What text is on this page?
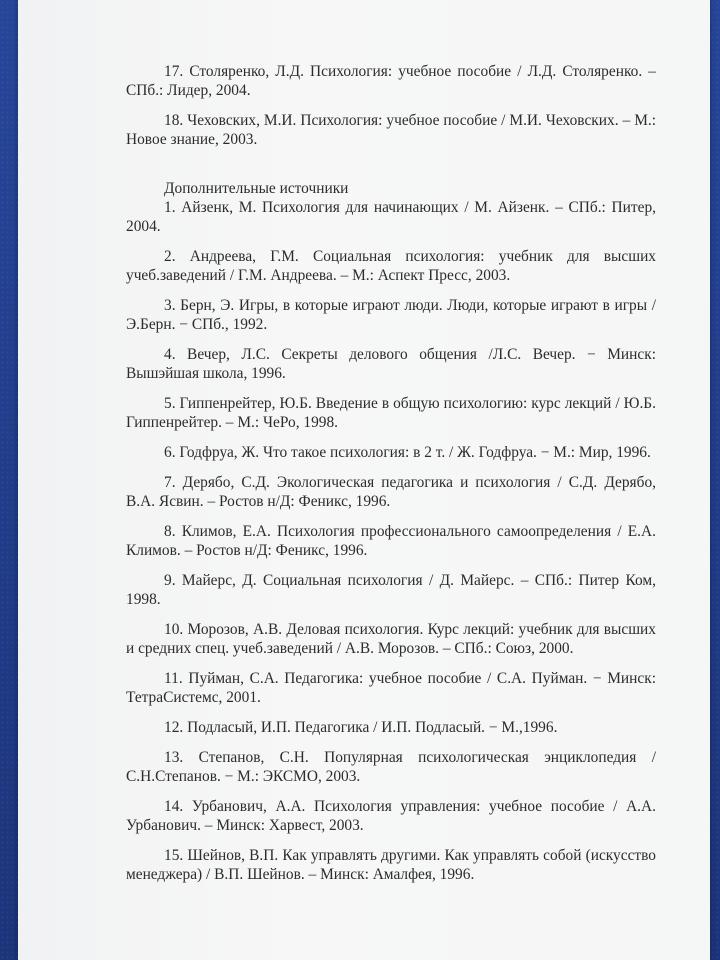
17. Столяренко, Л.Д. Психология: учебное пособие / Л.Д. Столяренко. – СПб.: Лидер, 2004.

18. Чеховских, М.И. Психология: учебное пособие / М.И. Чеховских. – М.: Новое знание, 2003.

Дополнительные источники

1. Айзенк, М. Психология для начинающих / М. Айзенк. – СПб.: Питер, 2004.

2. Андреева, Г.М. Социальная психология: учебник для высших учеб.заведений / Г.М. Андреева. – М.: Аспект Пресс, 2003.

3. Берн, Э. Игры, в которые играют люди. Люди, которые играют в игры / Э.Берн. − СПб., 1992.

4. Вечер, Л.С. Секреты делового общения /Л.С. Вечер. − Минск: Вышэйшая школа, 1996.

5. Гиппенрейтер, Ю.Б. Введение в общую психологию: курс лекций / Ю.Б. Гиппенрейтер. – М.: ЧеРо, 1998.

6. Годфруа, Ж. Что такое психология: в 2 т. / Ж. Годфруа. − М.: Мир, 1996.

7. Дерябо, С.Д. Экологическая педагогика и психология / С.Д. Дерябо, В.А. Ясвин. – Ростов н/Д: Феникс, 1996.

8. Климов, Е.А. Психология профессионального самоопределения / Е.А. Климов. – Ростов н/Д: Феникс, 1996.

9. Майерс, Д. Социальная психология / Д. Майерс. – СПб.: Питер Ком, 1998.

10. Морозов, А.В. Деловая психология. Курс лекций: учебник для высших и средних спец. учеб.заведений / А.В. Морозов. – СПб.: Союз, 2000.

11. Пуйман, С.А. Педагогика: учебное пособие / С.А. Пуйман. − Минск: ТетраСистемс, 2001.

12. Подласый, И.П. Педагогика / И.П. Подласый. − М.,1996.

13. Степанов, С.Н. Популярная психологическая энциклопедия / С.Н.Степанов. − М.: ЭКСМО, 2003.

14. Урбанович, А.А. Психология управления: учебное пособие / А.А. Урбанович. – Минск: Харвест, 2003.

15. Шейнов, В.П. Как управлять другими. Как управлять собой (искусство менеджера) / В.П. Шейнов. – Минск: Амалфея, 1996.
